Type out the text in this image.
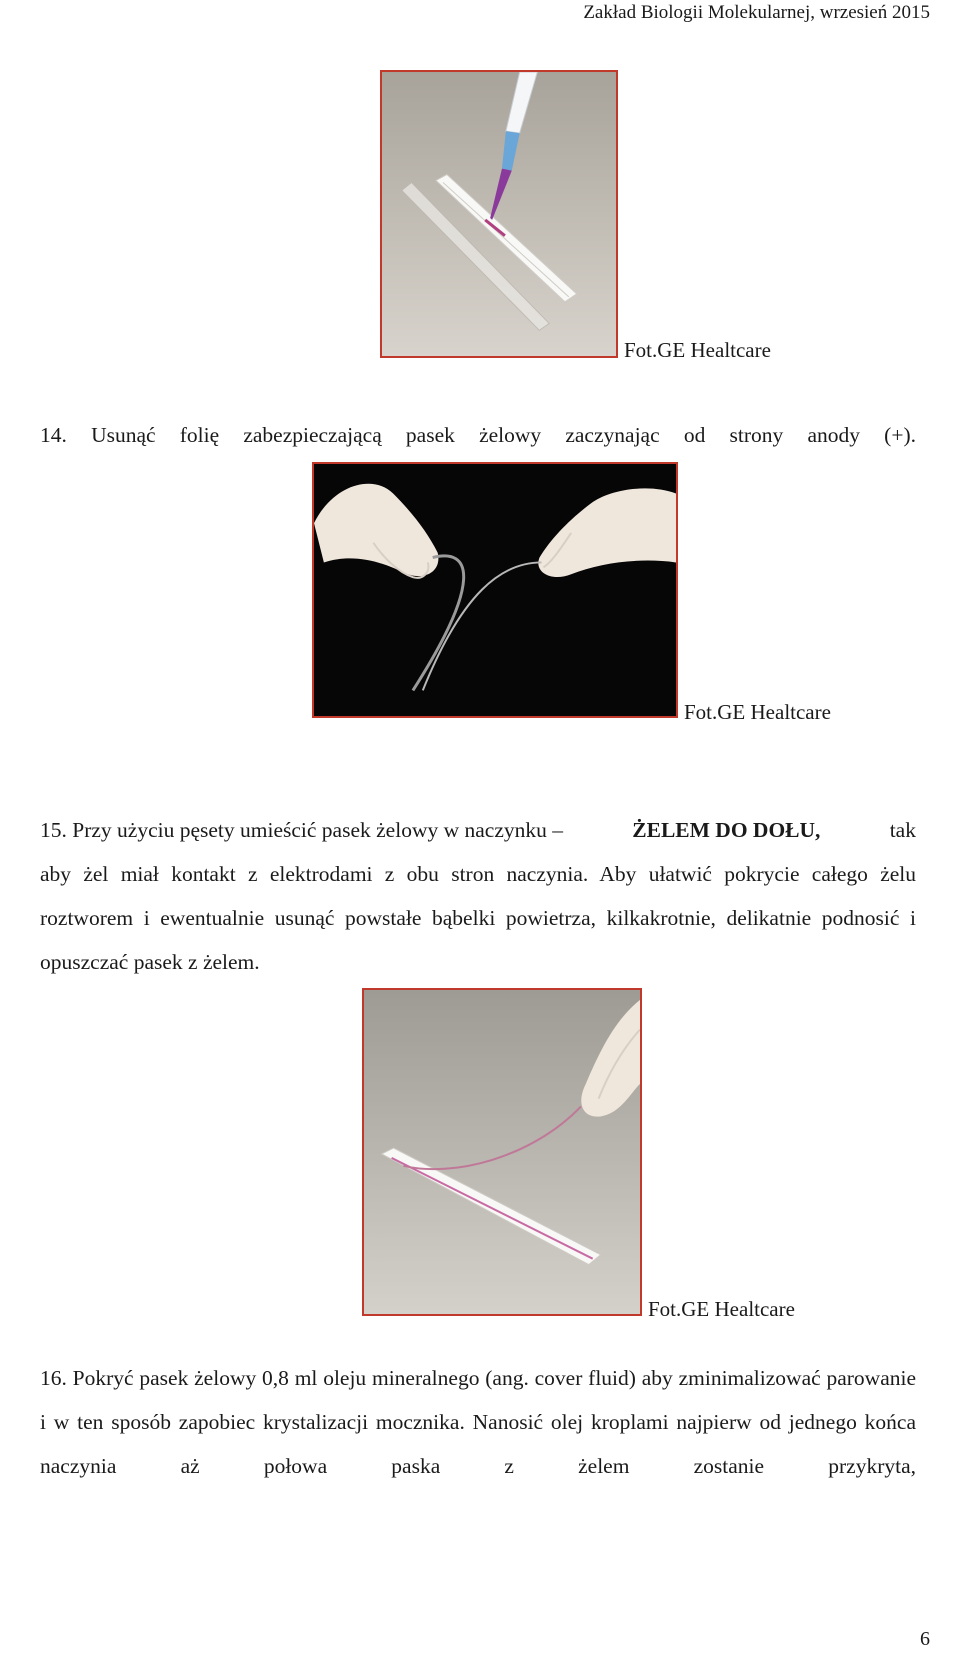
Zakład Biologii Molekularnej, wrzesień 2015
Fot.GE Healtcare
14. Usunąć folię zabezpieczającą pasek żelowy zaczynając od strony anody (+).
Fot.GE Healtcare
15. Przy użyciu pęsety umieścić pasek żelowy w naczynku –	ŻELEM DO DOŁU,	tak
aby żel miał kontakt z elektrodami z obu stron naczynia. Aby ułatwić pokrycie całego żelu roztworem i ewentualnie usunąć powstałe bąbelki powietrza, kilkakrotnie, delikatnie podnosić i opuszczać pasek z żelem.
Fot.GE Healtcare
16. Pokryć pasek żelowy 0,8 ml oleju mineralnego (ang. cover fluid) aby zminimalizować parowanie i w ten sposób zapobiec krystalizacji mocznika. Nanosić olej kroplami najpierw od jednego końca naczynia aż połowa paska z żelem zostanie przykryta,
6
